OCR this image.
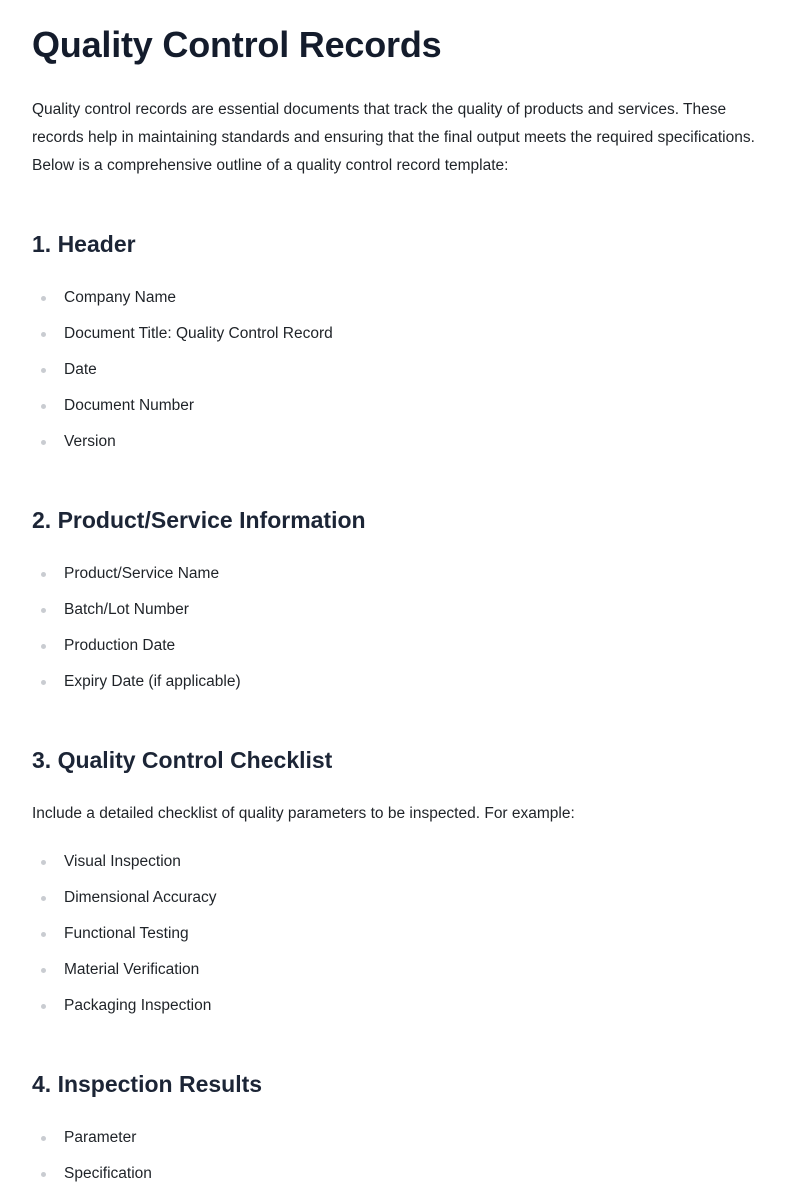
Quality Control Records

Quality control records are essential documents that track the quality of products and services. These records help in maintaining standards and ensuring that the final output meets the required specifications. Below is a comprehensive outline of a quality control record template:

1. Header
Company Name
Document Title: Quality Control Record
Date
Document Number
Version
2. Product/Service Information
Product/Service Name
Batch/Lot Number
Production Date
Expiry Date (if applicable)
3. Quality Control Checklist

Include a detailed checklist of quality parameters to be inspected. For example:

Visual Inspection
Dimensional Accuracy
Functional Testing
Material Verification
Packaging Inspection
4. Inspection Results
Parameter
Specification
